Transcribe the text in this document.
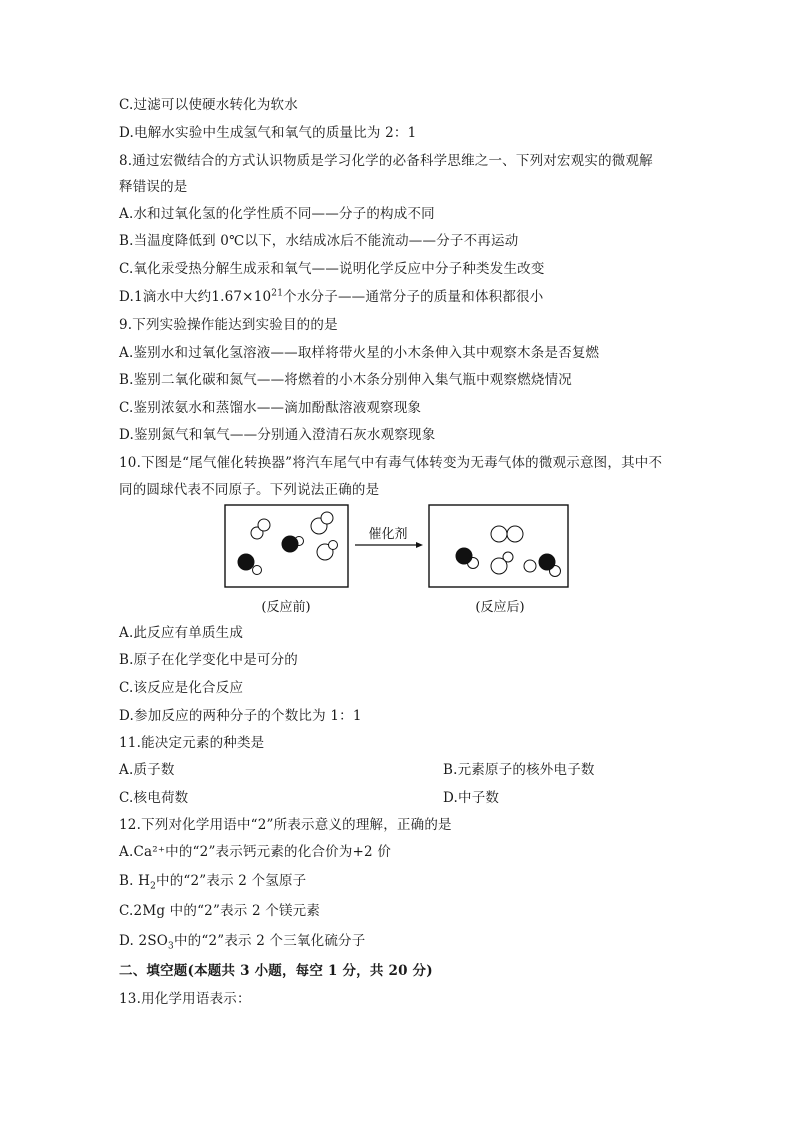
C.过滤可以使硬水转化为软水
D.电解水实验中生成氢气和氧气的质量比为 2：1
8.通过宏微结合的方式认识物质是学习化学的必备科学思维之一、下列对宏观实的微观解
释错误的是
A.水和过氧化氢的化学性质不同——分子的构成不同
B.当温度降低到 0℃以下，水结成冰后不能流动——分子不再运动
C.氧化汞受热分解生成汞和氧气——说明化学反应中分子种类发生改变
D.1滴水中大约$1.67\times 10^{21}$个水分子——通常分子的质量和体积都很小
9.下列实验操作能达到实验目的的是
A.鉴别水和过氧化氢溶液——取样将带火星的小木条伸入其中观察木条是否复燃
B.鉴别二氧化碳和氮气——将燃着的小木条分别伸入集气瓶中观察燃烧情况
C.鉴别浓氨水和蒸馏水——滴加酚酞溶液观察现象
D.鉴别氮气和氧气——分别通入澄清石灰水观察现象
10.下图是“尾气催化转换器”将汽车尾气中有毒气体转变为无毒气体的微观示意图，其中不
同的圆球代表不同原子。下列说法正确的是
催化剂
(反应前)	(反应后)
A.此反应有单质生成
B.原子在化学变化中是可分的
C.该反应是化合反应
D.参加反应的两种分子的个数比为 1：1
11.能决定元素的种类是
A.质子数	B.元素原子的核外电子数
C.核电荷数	D.中子数
12.下列对化学用语中“2”所表示意义的理解，正确的是
A.Ca²⁺中的“2”表示钙元素的化合价为+2 价
B. $H_2$中的“2”表示 2 个氢原子
C.2Mg 中的“2”表示 2 个镁元素
D. $2SO_3$中的“2”表示 2 个三氧化硫分子
二、填空题(本题共 3 小题，每空 1 分，共 20 分)
13.用化学用语表示：
